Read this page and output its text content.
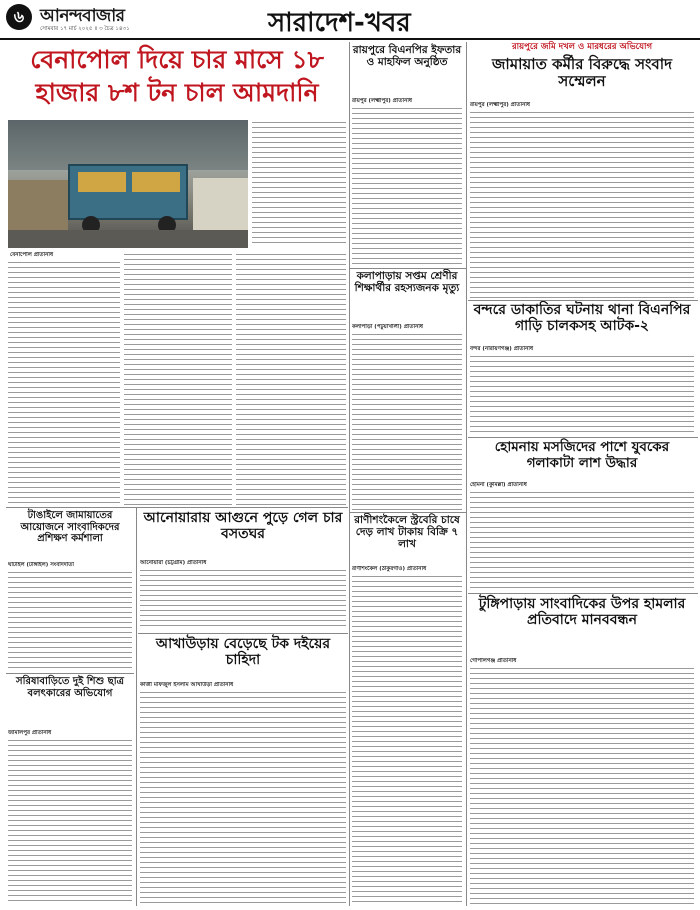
৬ আনন্দবাজার
সোমবার ১৭ মার্চ ২০২৫ ॥ ৩ চৈত্র ১৪৩১	সারাদেশ-খবর
বেনাপোল দিয়ে চার মাসে ১৮ হাজার ৮শ টন চাল আমদানি
বেনাপোল প্রতিনিধি
রায়পুরে বিএনপির ইফতার ও মাহফিল অনুষ্ঠিত
রায়পুর (লক্ষ্মীপুর) প্রতিনিধি
রায়পুরে জমি দখল ও মারধরের অভিযোগ
জামায়াত কর্মীর বিরুদ্ধে সংবাদ সম্মেলন
রায়পুর (লক্ষ্মীপুর) প্রতিনিধি
কলাপাড়ায় সপ্তম শ্রেণীর শিক্ষার্থীর রহস্যজনক মৃত্যু
কলাপাড়া (পটুয়াখালী) প্রতিনিধি
বন্দরে ডাকাতির ঘটনায় থানা বিএনপির গাড়ি চালকসহ আটক-২
বন্দর (নারায়ণগঞ্জ) প্রতিনিধি
টাঙাইলে জামায়াতের আয়োজনে সাংবাদিকদের প্রশিক্ষণ কর্মশালা
ঘাটাইল (টাঙ্গাইল) সংবাদদাতা
আনোয়ারায় আগুনে পুড়ে গেল চার বসতঘর
আনোয়ারা (চট্টগ্রাম) প্রতিনিধি
রাণীশংকৈলে স্ট্রবেরি চাষে দেড় লাখ টাকায় বিক্রি ৭ লাখ
রাণীশংকৈল (ঠাকুরগাঁও) প্রতিনিধি
হোমনায় মসজিদের পাশে যুবকের গলাকাটা লাশ উদ্ধার
হোমনা (কুমিল্লা) প্রতিনিধি
আখাউড়ায় বেড়েছে টক দইয়ের চাহিদা
কাজী মফিজুল ইসলাম আখাউড়া প্রতিনিধি
সরিষাবাড়িতে দুই শিশু ছাত্র বলৎকারের অভিযোগ
জামালপুর প্রতিনিধি
টুঙ্গিপাড়ায় সাংবাদিকের উপর হামলার প্রতিবাদে মানববন্ধন
গোপালগঞ্জ প্রতিনিধি
